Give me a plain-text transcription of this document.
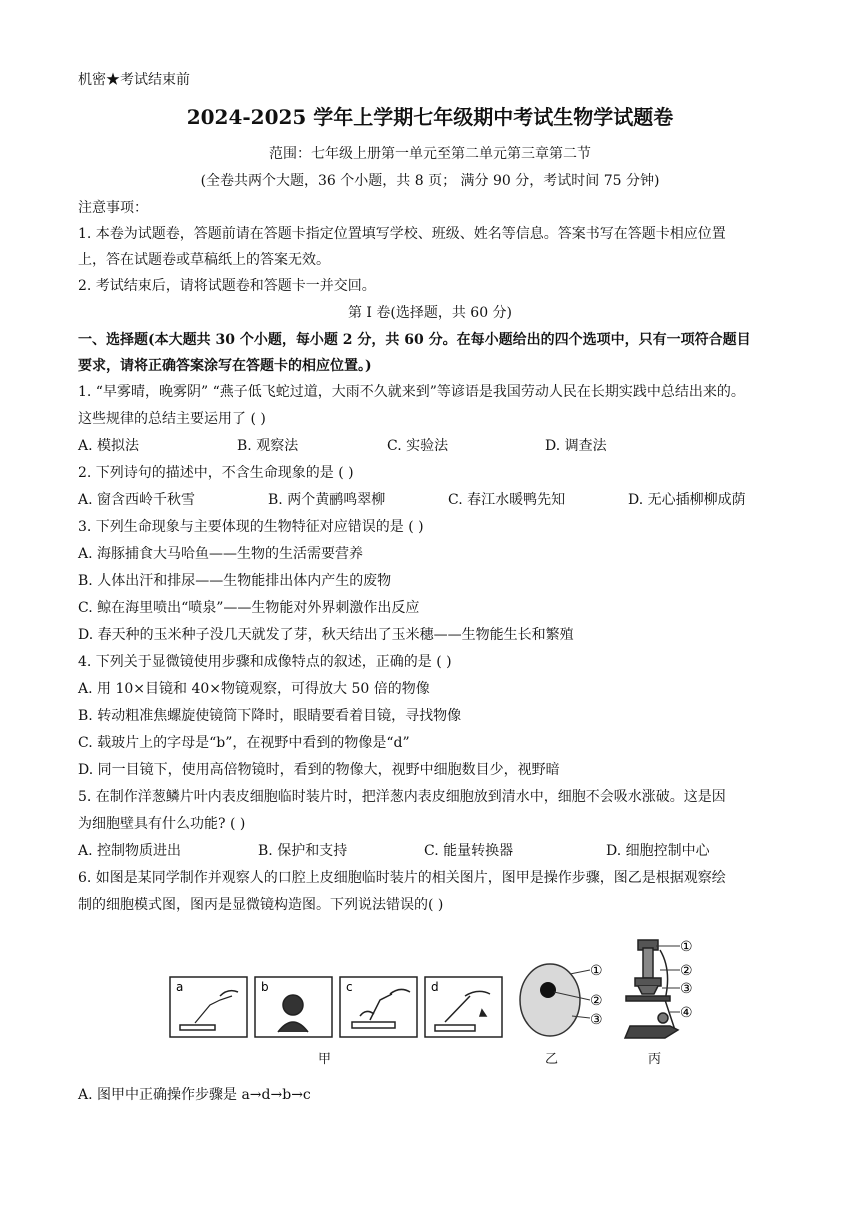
机密★考试结束前
2024-2025 学年上学期七年级期中考试生物学试题卷
范围：七年级上册第一单元至第二单元第三章第二节
(全卷共两个大题，36 个小题，共 8 页； 满分 90 分，考试时间 75 分钟)
注意事项：
1. 本卷为试题卷，答题前请在答题卡指定位置填写学校、班级、姓名等信息。答案书写在答题卡相应位置
上，答在试题卷或草稿纸上的答案无效。
2. 考试结束后，请将试题卷和答题卡一并交回。
第 I 卷(选择题，共 60 分)
一、选择题(本大题共 30 个小题，每小题 2 分，共 60 分。在每小题给出的四个选项中，只有一项符合题目
要求，请将正确答案涂写在答题卡的相应位置。)
1. “早雾晴，晚雾阴” “燕子低飞蛇过道，大雨不久就来到”等谚语是我国劳动人民在长期实践中总结出来的。
这些规律的总结主要运用了 ( )
A. 模拟法	B. 观察法	C. 实验法	D. 调查法
2. 下列诗句的描述中，不含生命现象的是 ( )
A. 窗含西岭千秋雪	B. 两个黄鹂鸣翠柳	C. 春江水暖鸭先知	D. 无心插柳柳成荫
3. 下列生命现象与主要体现的生物特征对应错误的是 ( )
A. 海豚捕食大马哈鱼——生物的生活需要营养
B. 人体出汗和排尿——生物能排出体内产生的废物
C. 鲸在海里喷出“喷泉”——生物能对外界刺激作出反应
D. 春天种的玉米种子没几天就发了芽，秋天结出了玉米穗——生物能生长和繁殖
4. 下列关于显微镜使用步骤和成像特点的叙述，正确的是 ( )
A. 用 10×目镜和 40×物镜观察，可得放大 50 倍的物像
B. 转动粗准焦螺旋使镜筒下降时，眼睛要看着目镜，寻找物像
C. 载玻片上的字母是“b”，在视野中看到的物像是“d”
D. 同一目镜下，使用高倍物镜时，看到的物像大，视野中细胞数目少，视野暗
5. 在制作洋葱鳞片叶内表皮细胞临时装片时，把洋葱内表皮细胞放到清水中，细胞不会吸水涨破。这是因
为细胞壁具有什么功能? ( )
A. 控制物质进出	B. 保护和支持	C. 能量转换器	D. 细胞控制中心
6. 如图是某同学制作并观察人的口腔上皮细胞临时装片的相关图片，图甲是操作步骤，图乙是根据观察绘
制的细胞模式图，图丙是显微镜构造图。下列说法错误的( )
a	b	c	d
①
②
③
①
②
③
④
甲	乙	丙
A. 图甲中正确操作步骤是 a→d→b→c
